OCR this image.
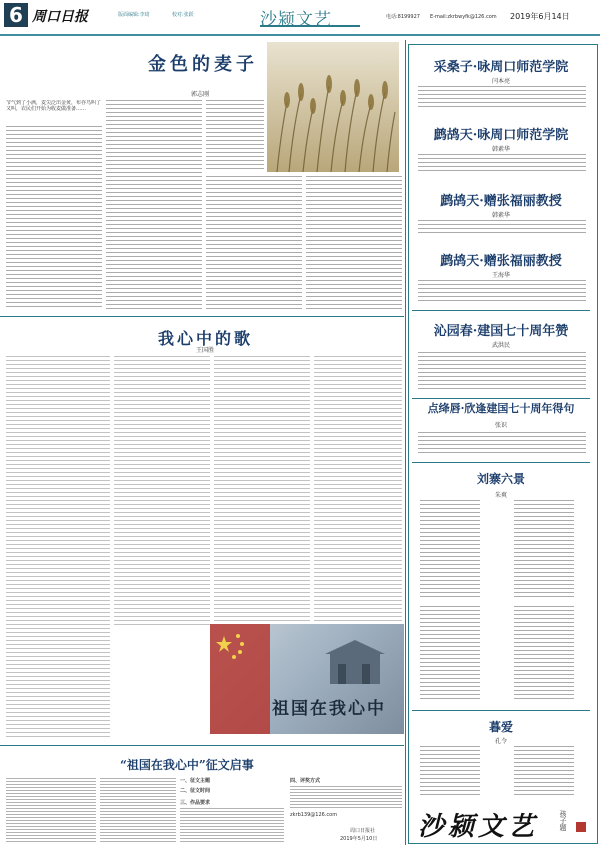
6 周口日报	版面编辑:李琦	校对:张跃	沙颍文艺	电话:8199927 E-mail:zkrbwyfk@126.com 2019年6月14日
金色的麦子
郭志刚
节气到了小满，麦尖泛出金黄，布谷鸟叫了又叫，农民们开始为收麦做准备……
我心中的歌
王国胜
祖国在我心中
“祖国在我心中”征文启事
一、征文主题
二、征文时间
三、作品要求
四、评奖方式
zkrb139@126.com
周口日报社
2019年5月10日
采桑子·咏周口师范学院
闫本亮
鹧鸪天·咏周口师范学院
韩素华
鹧鸪天·赠张福丽教授
韩素华
鹧鸪天·赠张福丽教授
王海华
沁园春·建国七十周年赞
武洪民
点绛唇·欣逢建国七十周年得句
张识
刘寨六景
朱爽
暮爱
孔令
沙颍文艺	孩子题
